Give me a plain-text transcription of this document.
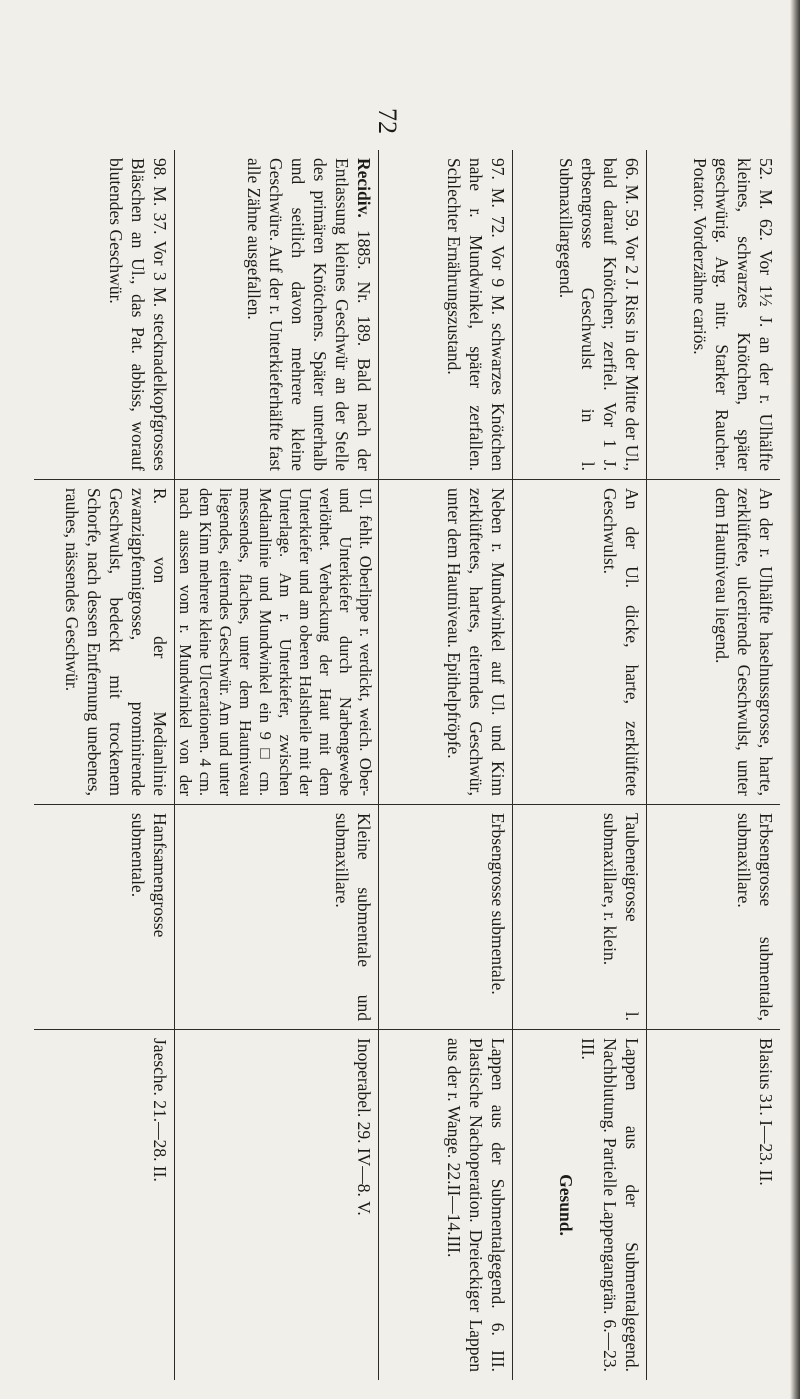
72
52. M. 62. Vor 1½ J. an der r. Ulhälfte kleines, schwarzes Knötchen, später geschwürig. Arg. nitr. Starker Raucher. Potator. Vorderzähne cariös.
An der r. Ulhälfte haselnussgrosse, harte, zerklüftete, ulcerirende Geschwulst, unter dem Hautniveau liegend.
Erbsengrosse submentale, submaxillare.
Blasius 31. I—23. II.
66. M. 59. Vor 2 J. Riss in der Mitte der Ul., bald darauf Knötchen; zerfiel. Vor 1 J. erbsengrosse Geschwulst in l. Submaxillargegend.
An der Ul. dicke, harte, zerklüftete Geschwulst.
Taubeneigrosse l. submaxillare, r. klein.
Lappen aus der Submentalgegend. Nachblutung. Partielle Lappengangrän. 6.—23. III.
Gesund.
97. M. 72. Vor 9 M. schwarzes Knötchen nahe r. Mundwinkel, später zerfallen. Schlechter Ernährungszustand.
Neben r. Mundwinkel auf Ul. und Kinn zerklüftetes, hartes, eiterndes Geschwür, unter dem Hautniveau. Epithelpfröpfe.
Erbsengrosse submentale.
Lappen aus der Submentalgegend. 6. III. Plastische Nachoperation. Dreieckiger Lappen aus der r. Wange. 22.II—14.III.
Recidiv. 1885. Nr. 189. Bald nach der Entlassung kleines Geschwür an der Stelle des primären Knötchens. Später unterhalb und seitlich davon mehrere kleine Geschwüre. Auf der r. Unterkieferhälfte fast alle Zähne ausgefallen.
Ul. fehlt. Oberlippe r. verdickt, weich. Ober- und Unterkiefer durch Narbengewebe verlöthet. Verbackung der Haut mit dem Unterkiefer und am oberen Halstheile mit der Unterlage. Am r. Unterkiefer, zwischen Medianlinie und Mundwinkel ein 9 □ cm. messendes, flaches, unter dem Hautniveau liegendes, eiterndes Geschwür. Am und unter dem Kinn mehrere kleine Ulcerationen. 4 cm. nach aussen vom r. Mundwinkel von der
Kleine submentale und submaxillare.
Inoperabel. 29. IV—8. V.
98. M. 37. Vor 3 M. stecknadelkopfgrosses Bläschen an Ul., das Pat. abbiss, worauf blutendes Geschwür.
R. von der Medianlinie zwanzigpfennigrosse, prominirende Geschwulst, bedeckt mit trockenem Schorfe, nach dessen Entfernung unebenes, rauhes, nässendes Geschwür.
Hanfsamengrosse submentale.
Jaesche. 21.—28. II.
